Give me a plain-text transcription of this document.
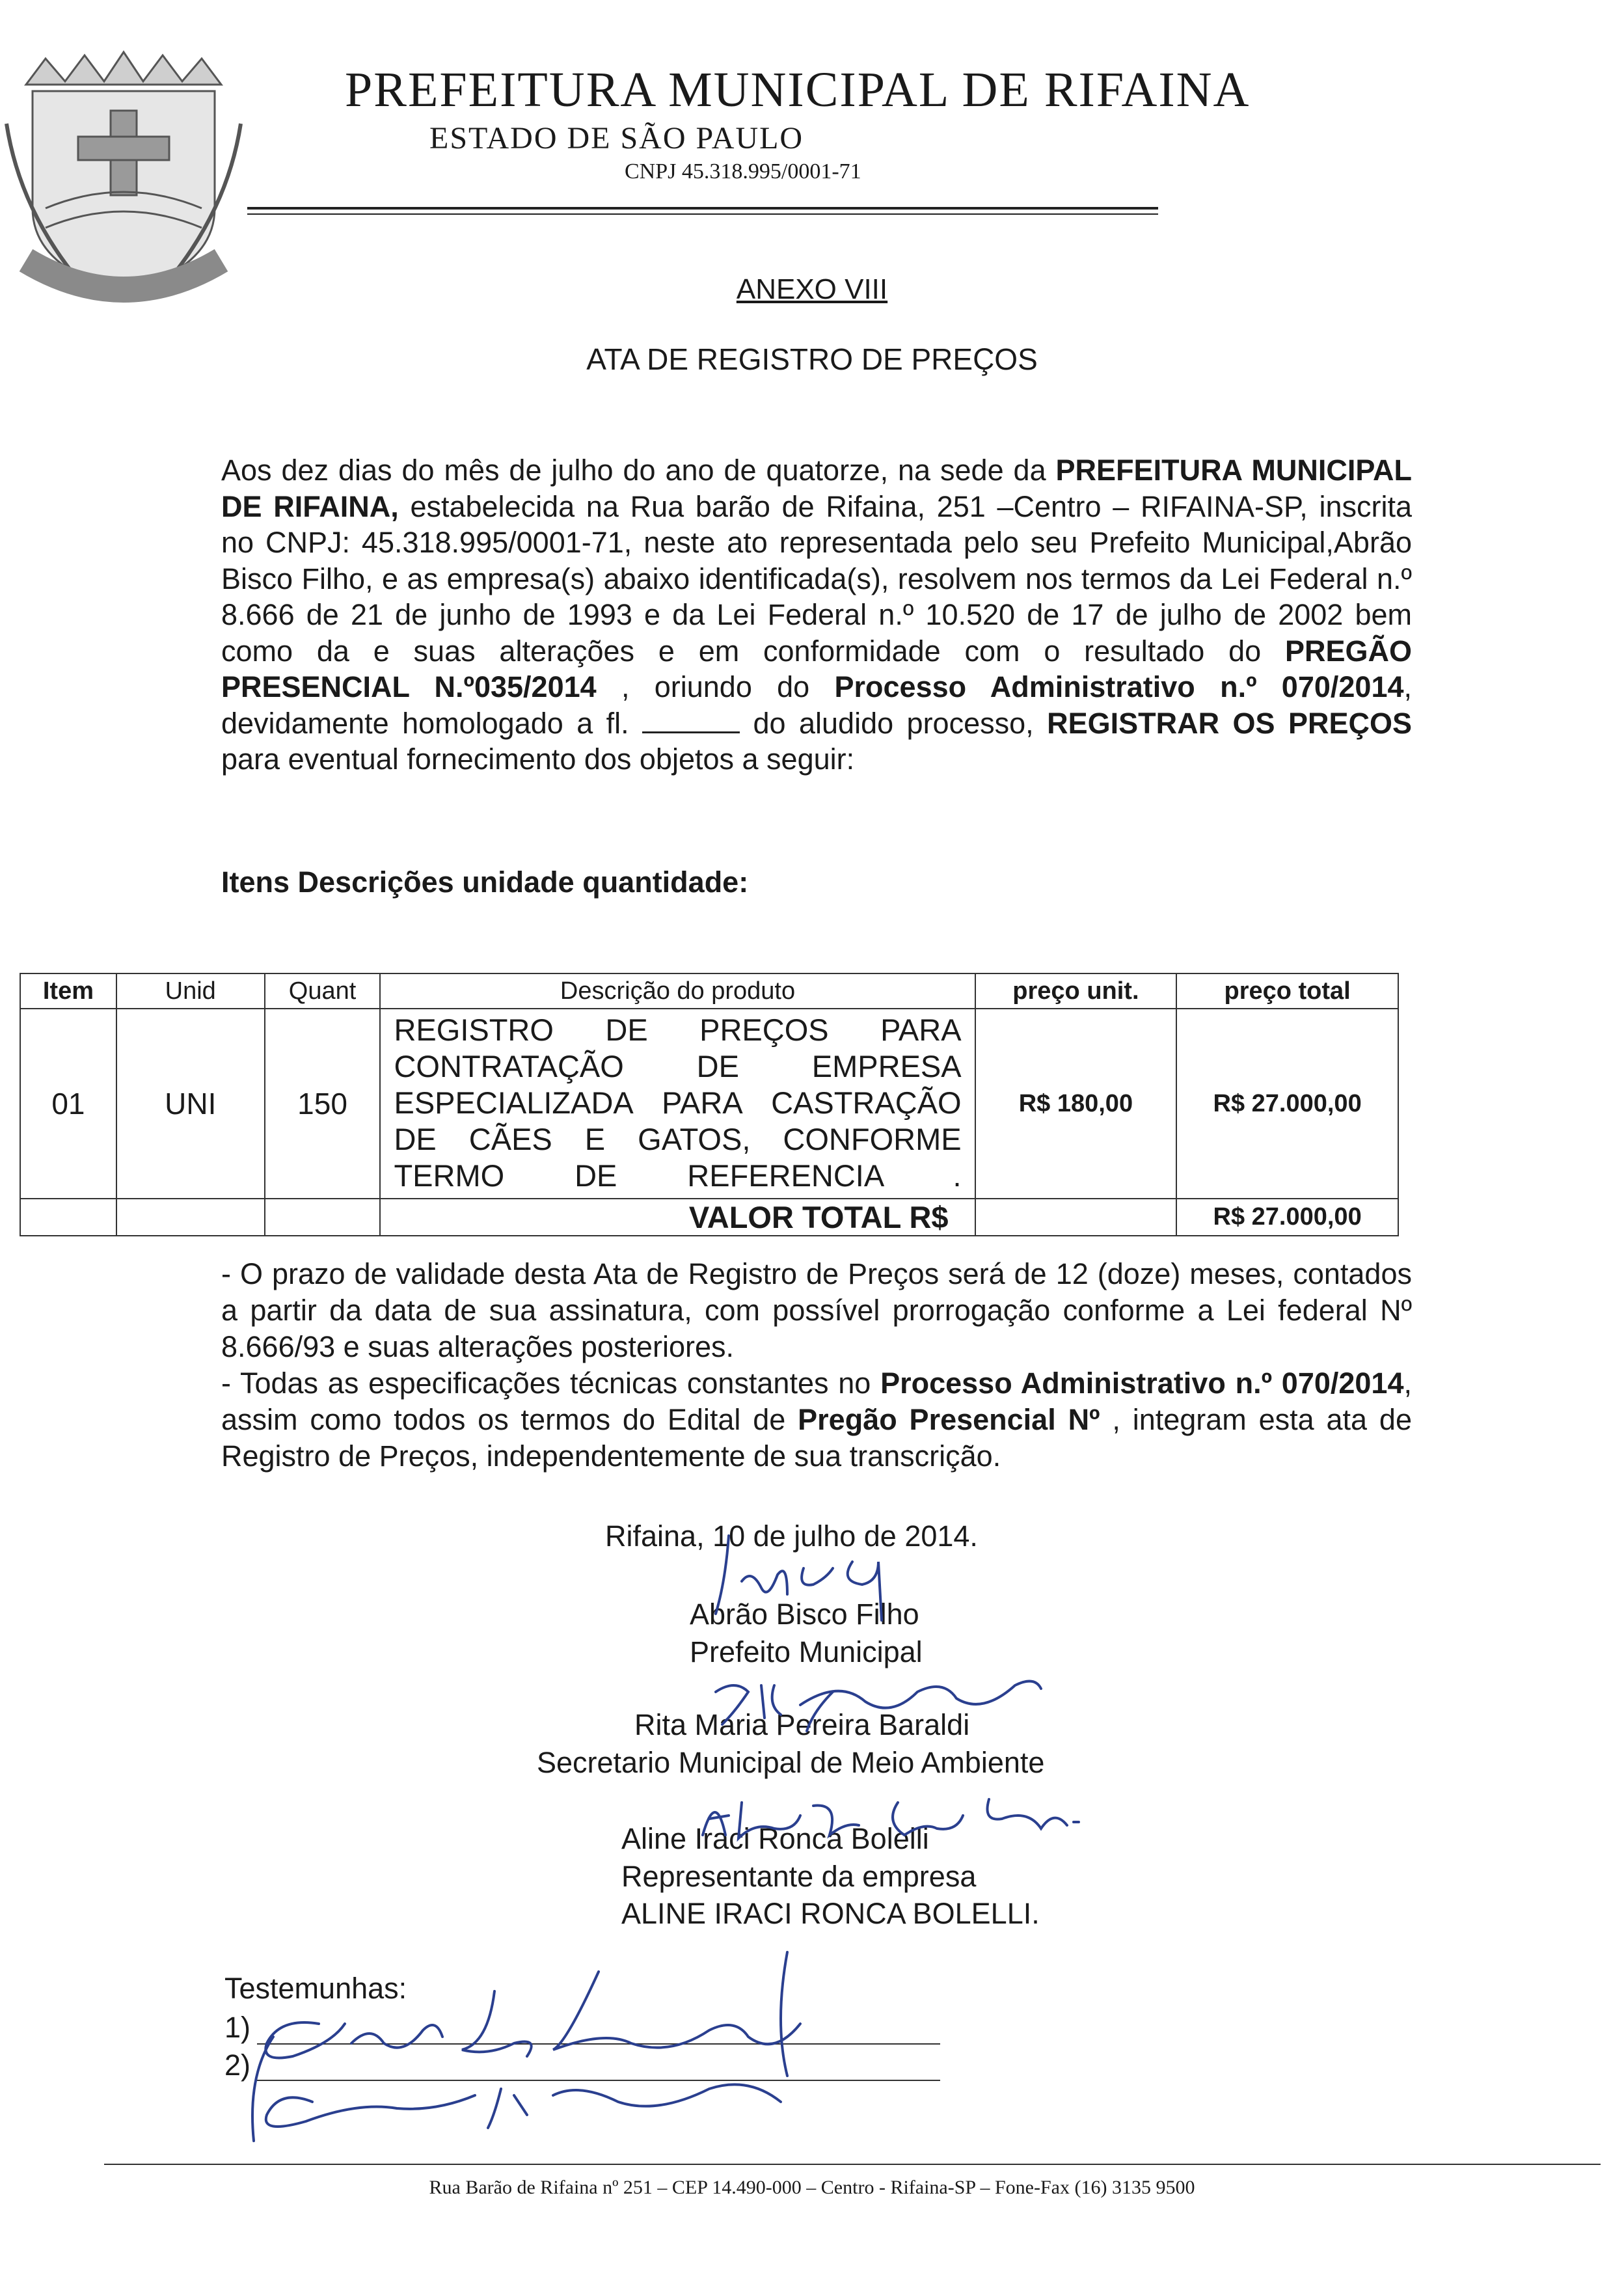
PREFEITURA MUNICIPAL DE RIFAINA
ESTADO DE SÃO PAULO
CNPJ 45.318.995/0001-71
ANEXO VIII
ATA DE REGISTRO DE PREÇOS
Aos dez dias do mês de julho do ano de quatorze, na sede da PREFEITURA MUNICIPAL DE RIFAINA, estabelecida na Rua barão de Rifaina, 251 –Centro – RIFAINA-SP, inscrita no CNPJ: 45.318.995/0001-71, neste ato representada pelo seu Prefeito Municipal,Abrão Bisco Filho, e as empresa(s) abaixo identificada(s), resolvem nos termos da Lei Federal n.º 8.666 de 21 de junho de 1993 e da Lei Federal n.º 10.520 de 17 de julho de 2002 bem como da e suas alterações e em conformidade com o resultado do PREGÃO PRESENCIAL N.º035/2014 , oriundo do Processo Administrativo n.º 070/2014, devidamente homologado a fl.	do aludido processo, REGISTRAR OS PREÇOS para eventual fornecimento dos objetos a seguir:
Itens Descrições unidade quantidade:
Item	Unid	Quant	Descrição do produto	preço unit.	preço total
01	UNI	150	REGISTRO DE PREÇOS PARA CONTRATAÇÃO DE EMPRESA ESPECIALIZADA PARA CASTRAÇÃO DE CÃES E GATOS, CONFORME TERMO DE REFERENCIA .	R$ 180,00	R$ 27.000,00
			VALOR TOTAL R$		R$ 27.000,00
- O prazo de validade desta Ata de Registro de Preços será de 12 (doze) meses, contados a partir da data de sua assinatura, com possível prorrogação conforme a Lei federal Nº 8.666/93 e suas alterações posteriores.
- Todas as especificações técnicas constantes no Processo Administrativo n.º 070/2014, assim como todos os termos do Edital de Pregão Presencial Nº , integram esta ata de Registro de Preços, independentemente de sua transcrição.
Rifaina, 10 de julho de 2014.
Abrão Bisco Filho
Prefeito Municipal
Rita Maria Pereira Baraldi
Secretario Municipal de Meio Ambiente
Aline Iraci Ronca Bolelli
Representante da empresa
ALINE IRACI RONCA BOLELLI.
Testemunhas:
1)
2)
Rua Barão de Rifaina nº 251 – CEP 14.490-000 – Centro - Rifaina-SP – Fone-Fax (16) 3135 9500
